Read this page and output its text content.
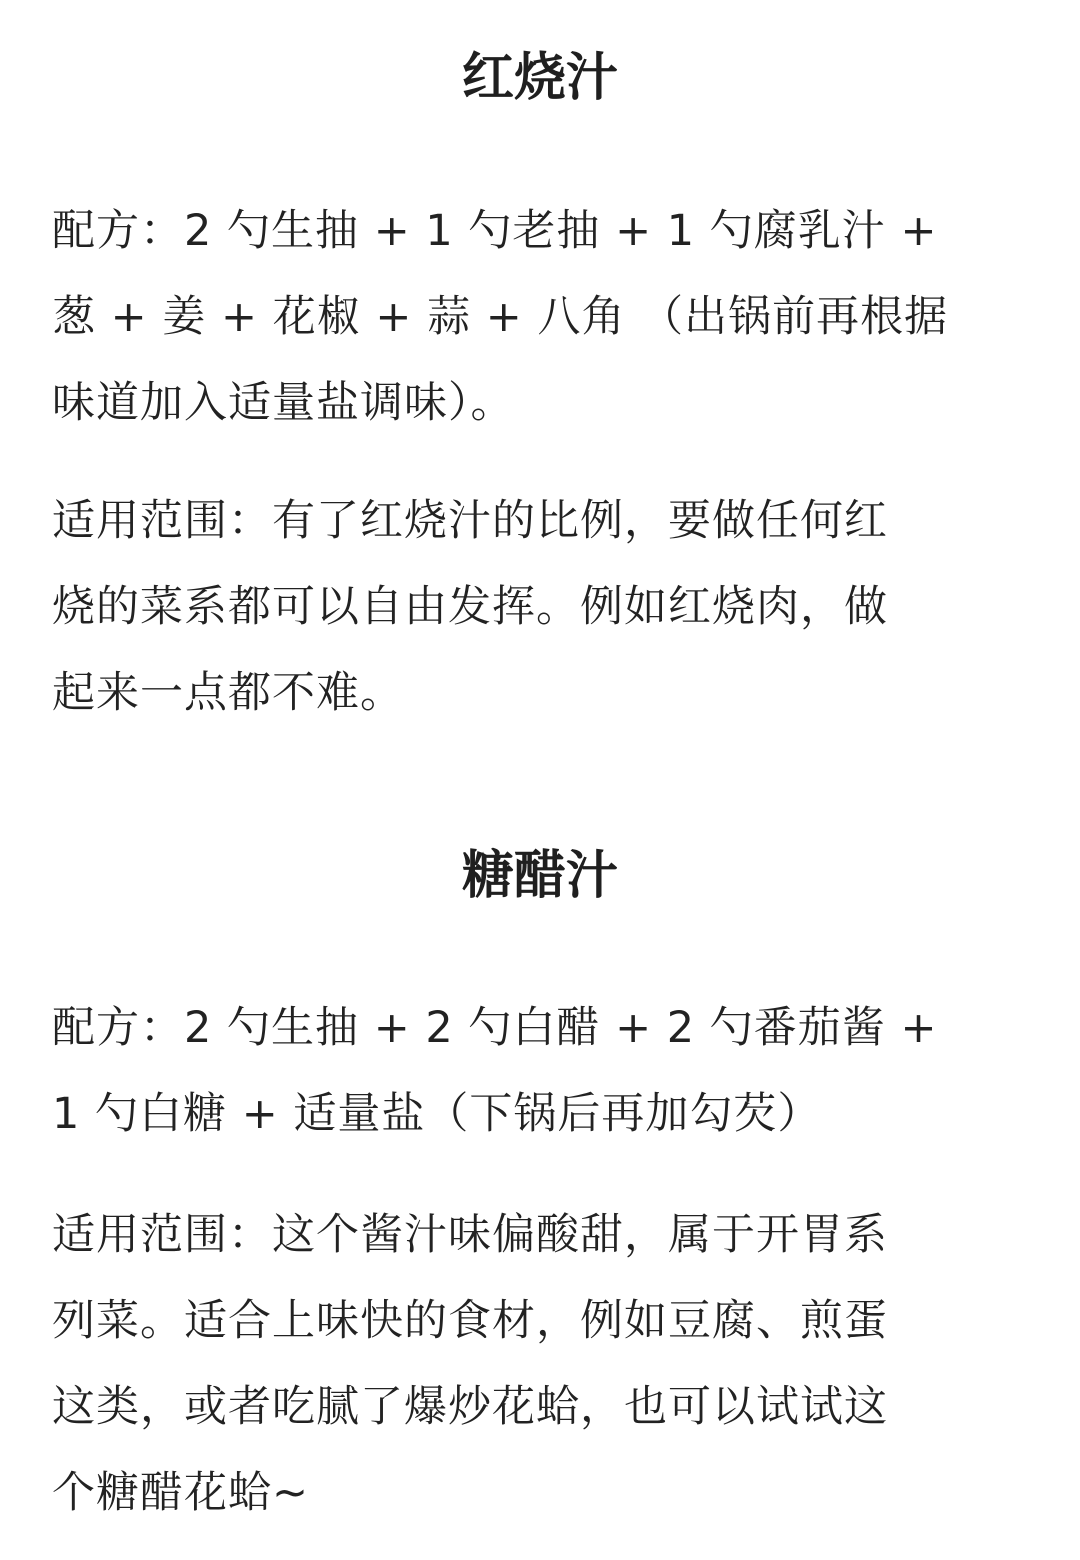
红烧汁
配方：2 勺生抽 + 1 勺老抽 + 1 勺腐乳汁 +
葱 + 姜 + 花椒 + 蒜 + 八角 （出锅前再根据
味道加入适量盐调味）。
适用范围：有了红烧汁的比例，要做任何红
烧的菜系都可以自由发挥。例如红烧肉，做
起来一点都不难。
糖醋汁
配方：2 勺生抽 + 2 勺白醋 + 2 勺番茄酱 +
1 勺白糖 + 适量盐（下锅后再加勾芡）
适用范围：这个酱汁味偏酸甜，属于开胃系
列菜。适合上味快的食材，例如豆腐、煎蛋
这类，或者吃腻了爆炒花蛤，也可以试试这
个糖醋花蛤~
